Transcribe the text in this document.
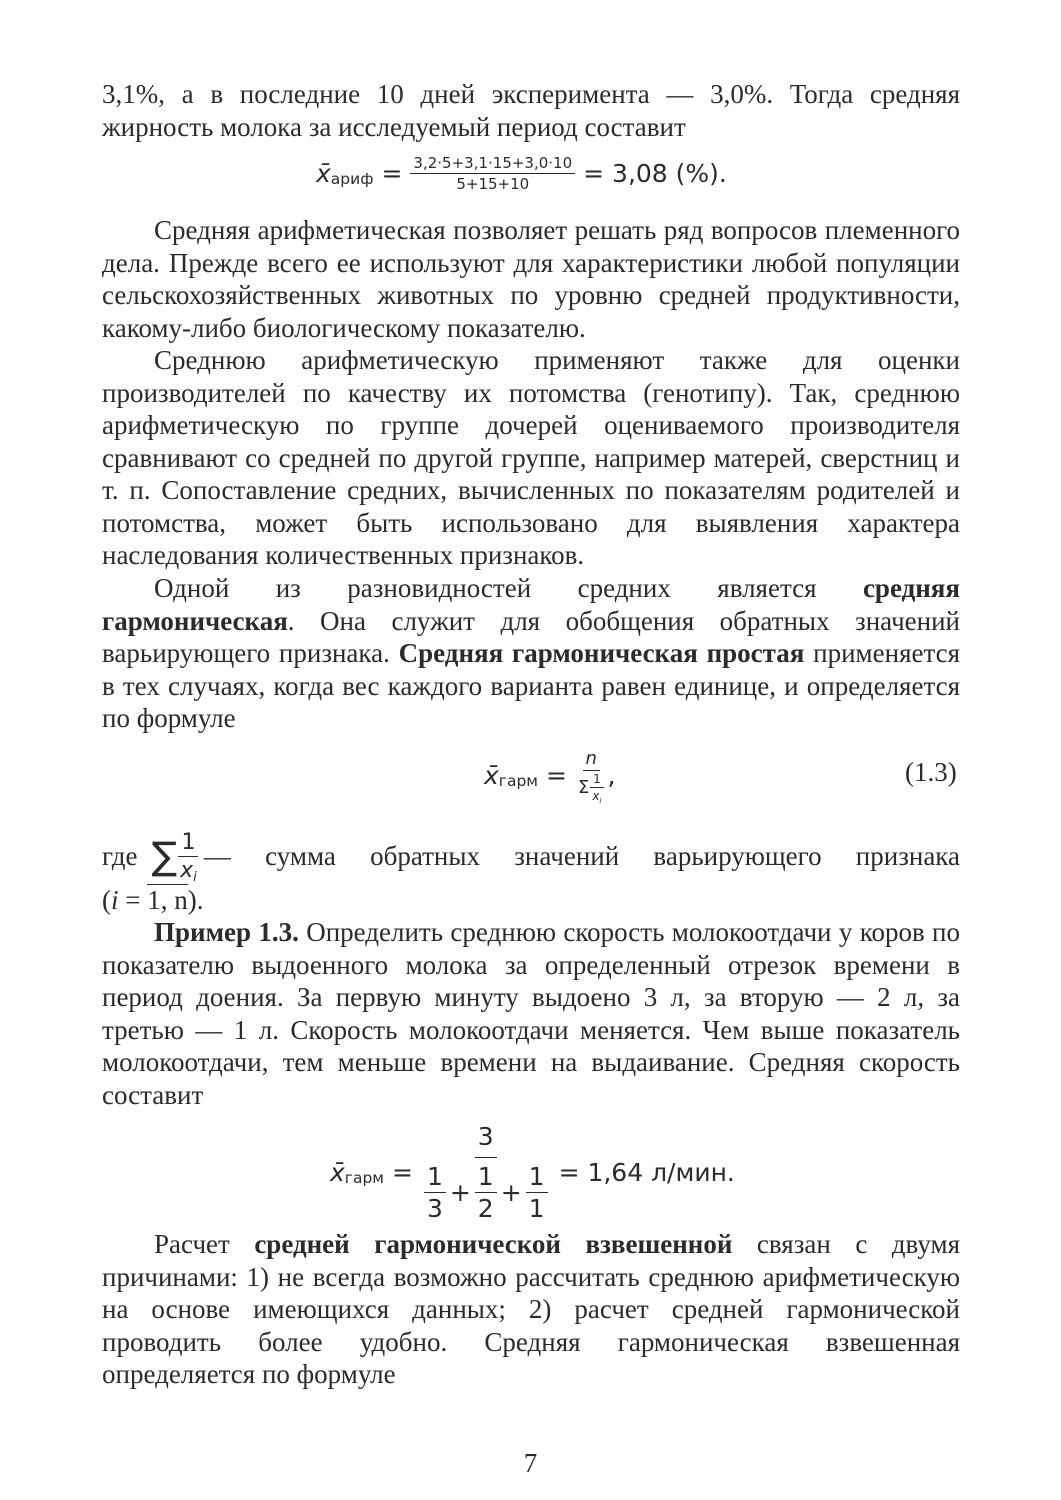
3,1%, а в последние 10 дней эксперимента — 3,0%. Тогда средняя жирность молока за исследуемый период составит

x̄ ариф = $\frac{3,2\cdot 5+3,1\cdot 15+3,0\cdot 10}{5+15+10} = 3,08$ (%).

Средняя арифметическая позволяет решать ряд вопросов племенного дела. Прежде всего ее используют для характеристики любой популяции сельскохозяйственных животных по уровню средней продуктивности, какому-либо биологическому показателю.

Среднюю арифметическую применяют также для оценки производителей по качеству их потомства (генотипу). Так, среднюю арифметическую по группе дочерей оцениваемого производителя сравнивают со средней по другой группе, например матерей, сверстниц и т. п. Сопоставление средних, вычисленных по показателям родителей и потомства, может быть использовано для выявления характера наследования количественных признаков.

Одной из разновидностей средних является средняя гармоническая. Она служит для обобщения обратных значений варьирующего признака. Средняя гармоническая простая применяется в тех случаях, когда вес каждого варианта равен единице, и определяется по формуле

x̄ гарм = $\frac{n}{\Sigma \frac{1}{x_i}}$ ,	(1.3)
где ∑ $\frac{1}{x_i}$ — сумма обратных значений варьирующего признака
(i = 1, n).

Пример 1.3. Определить среднюю скорость молокоотдачи у коров по показателю выдоенного молока за определенный отрезок времени в период доения. За первую минуту выдоено 3 л, за вторую — 2 л, за третью — 1 л. Скорость молокоотдачи меняется. Чем выше показатель молокоотдачи, тем меньше времени на выдаивание. Средняя скорость составит

x̄ гарм = $\frac{3}{\frac{1}{3} + \frac{1}{2} + \frac{1}{1}} = 1,64$ л/мин.

Расчет средней гармонической взвешенной связан с двумя причинами: 1) не всегда возможно рассчитать среднюю арифметическую на основе имеющихся данных; 2) расчет средней гармонической проводить более удобно. Средняя гармоническая взвешенная определяется по формуле

7
